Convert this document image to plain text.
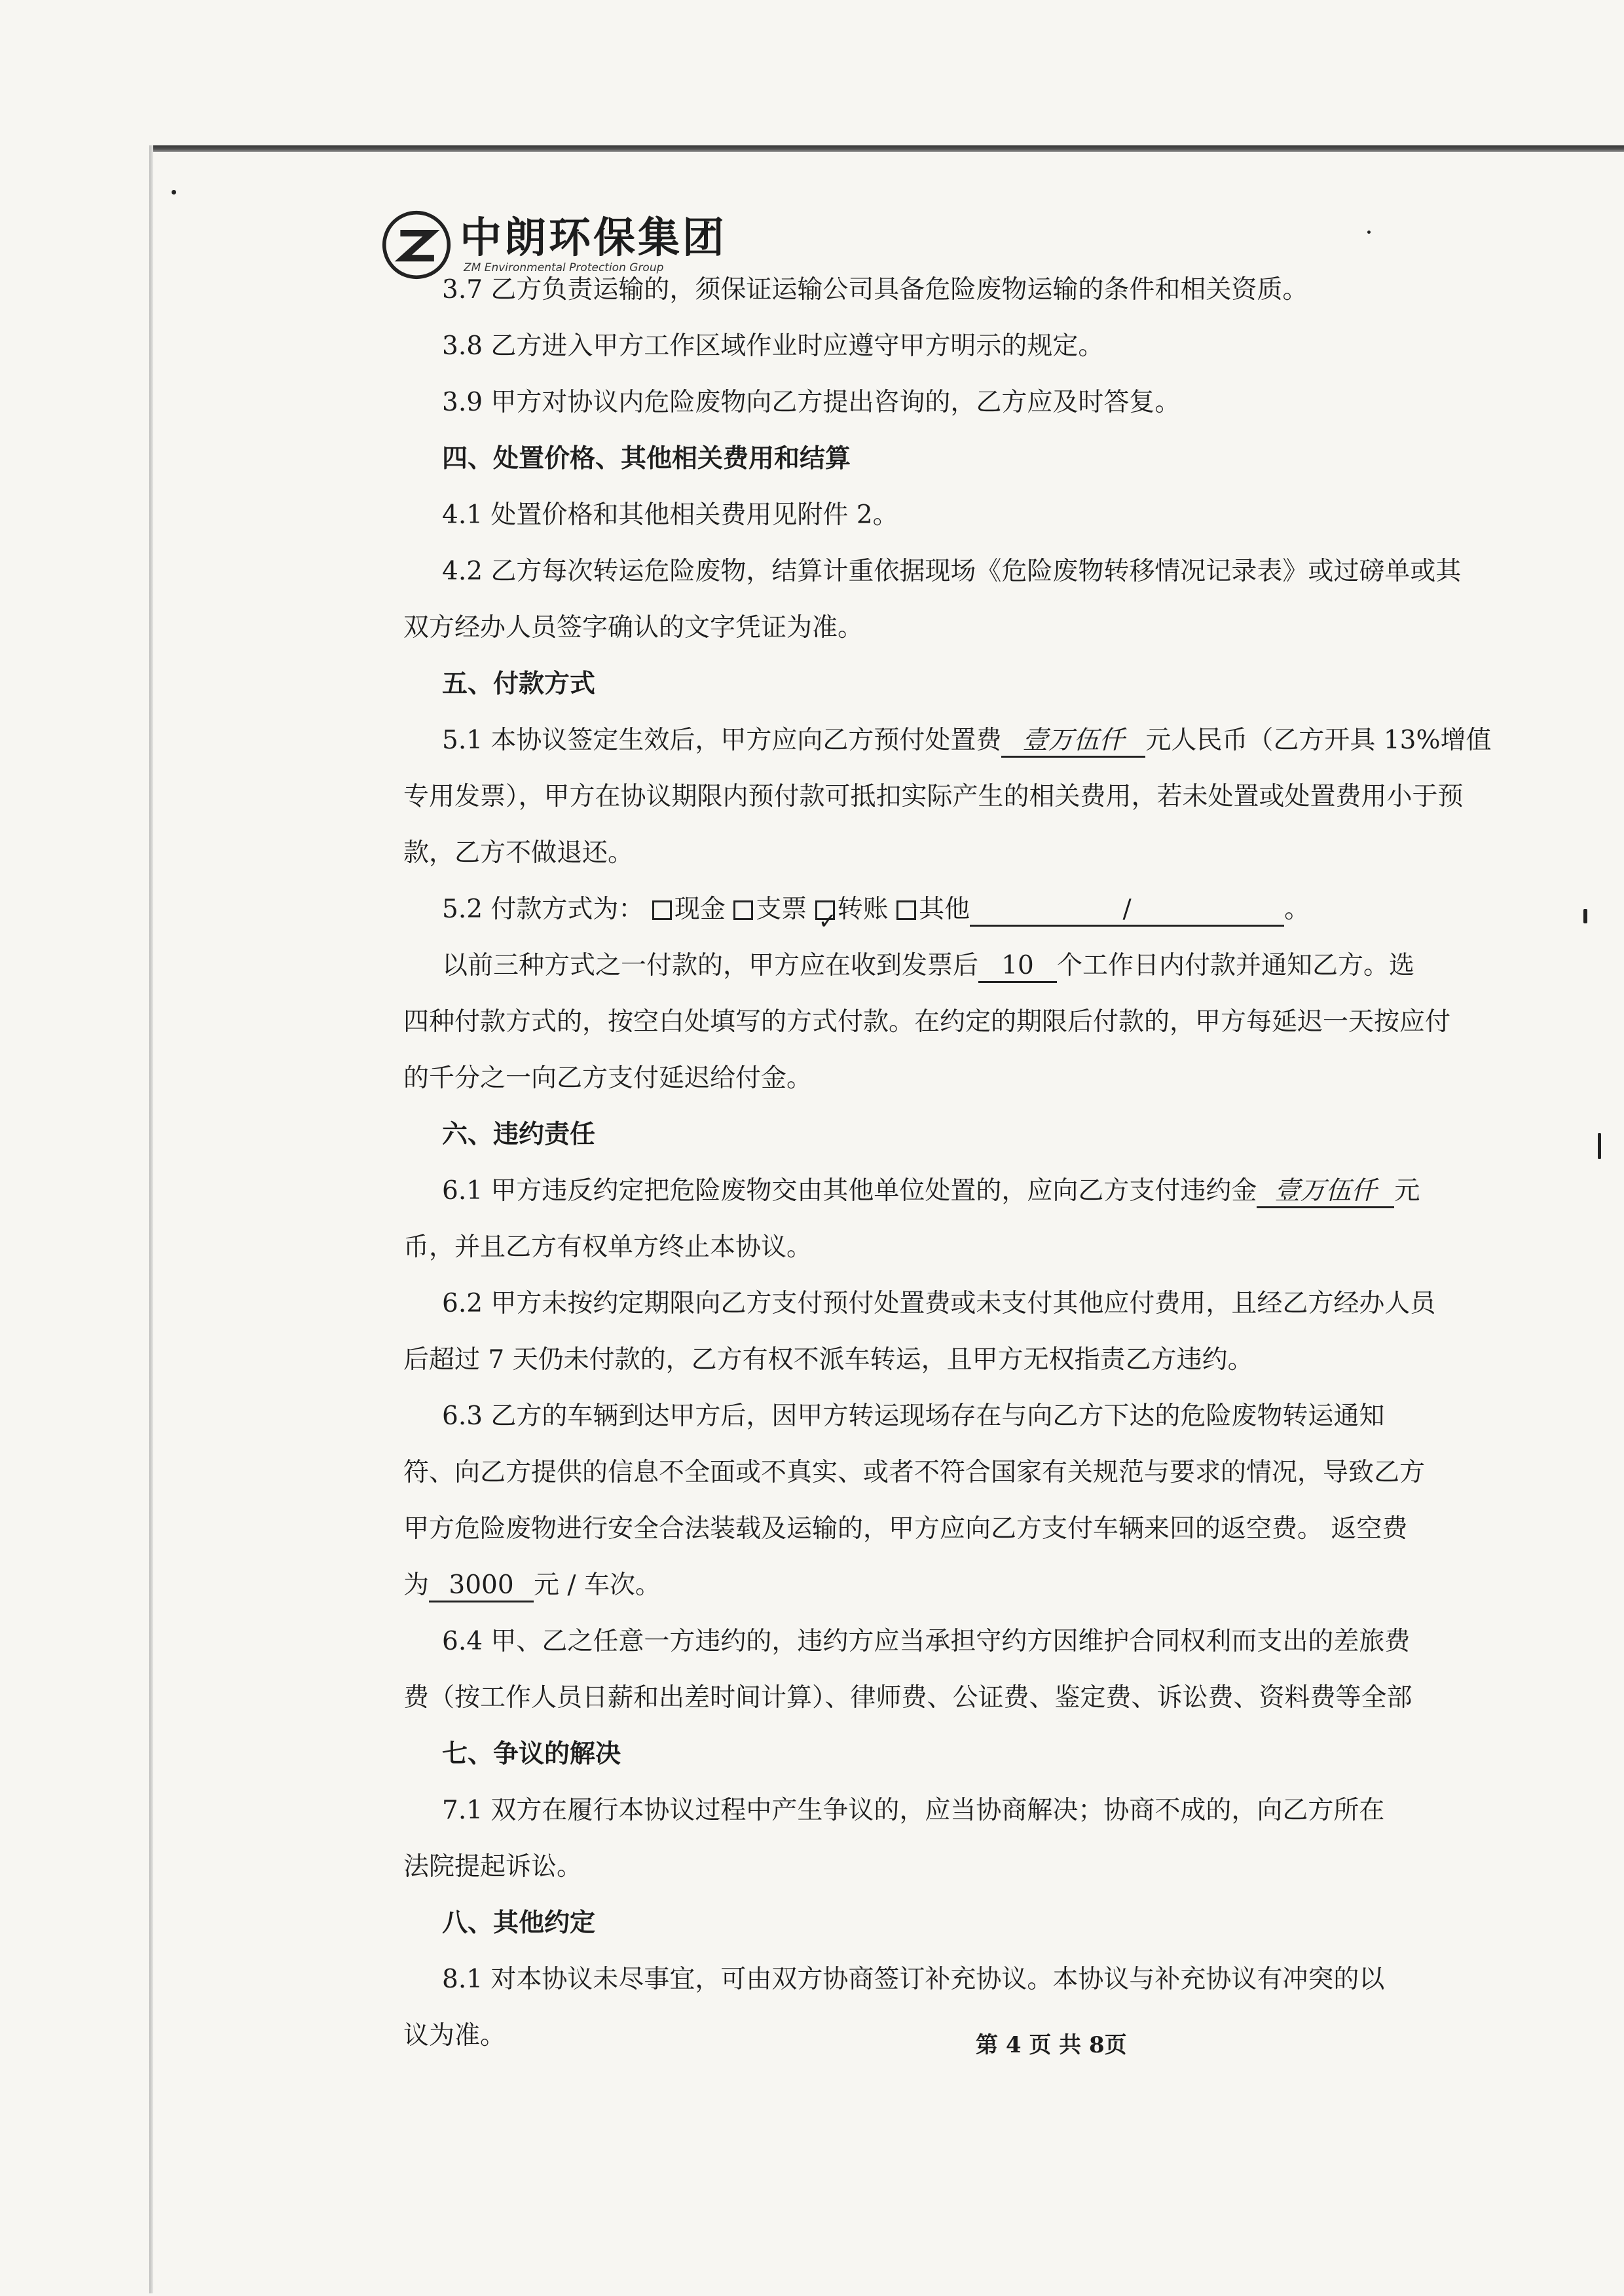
中朗环保集团
ZM Environmental Protection Group
3.7 乙方负责运输的，须保证运输公司具备危险废物运输的条件和相关资质。
3.8 乙方进入甲方工作区域作业时应遵守甲方明示的规定。
3.9 甲方对协议内危险废物向乙方提出咨询的，乙方应及时答复。
四、处置价格、其他相关费用和结算
4.1 处置价格和其他相关费用见附件 2。
4.2 乙方每次转运危险废物，结算计重依据现场《危险废物转移情况记录表》或过磅单或其
双方经办人员签字确认的文字凭证为准。
五、付款方式
5.1 本协议签定生效后，甲方应向乙方预付处置费 壹万伍仟 元人民币（乙方开具 13%增值
专用发票），甲方在协议期限内预付款可抵扣实际产生的相关费用，若未处置或处置费用小于预
款，乙方不做退还。
5.2 付款方式为： 现金 支票 ✓ 转账 其他	/	。
以前三种方式之一付款的，甲方应在收到发票后 10 个工作日内付款并通知乙方。选
四种付款方式的，按空白处填写的方式付款。在约定的期限后付款的，甲方每延迟一天按应付
的千分之一向乙方支付延迟给付金。
六、违约责任
6.1 甲方违反约定把危险废物交由其他单位处置的，应向乙方支付违约金 壹万伍仟 元
币，并且乙方有权单方终止本协议。
6.2 甲方未按约定期限向乙方支付预付处置费或未支付其他应付费用，且经乙方经办人员
后超过 7 天仍未付款的，乙方有权不派车转运，且甲方无权指责乙方违约。
6.3 乙方的车辆到达甲方后，因甲方转运现场存在与向乙方下达的危险废物转运通知
符、向乙方提供的信息不全面或不真实、或者不符合国家有关规范与要求的情况，导致乙方
甲方危险废物进行安全合法装载及运输的，甲方应向乙方支付车辆来回的返空费。 返空费
为 3000 元 / 车次。
6.4 甲、乙之任意一方违约的，违约方应当承担守约方因维护合同权利而支出的差旅费
费（按工作人员日薪和出差时间计算）、律师费、公证费、鉴定费、诉讼费、资料费等全部
七、争议的解决
7.1 双方在履行本协议过程中产生争议的，应当协商解决；协商不成的，向乙方所在
法院提起诉讼。
八、其他约定
8.1 对本协议未尽事宜，可由双方协商签订补充协议。本协议与补充协议有冲突的以
议为准。	第 4 页 共 8页
